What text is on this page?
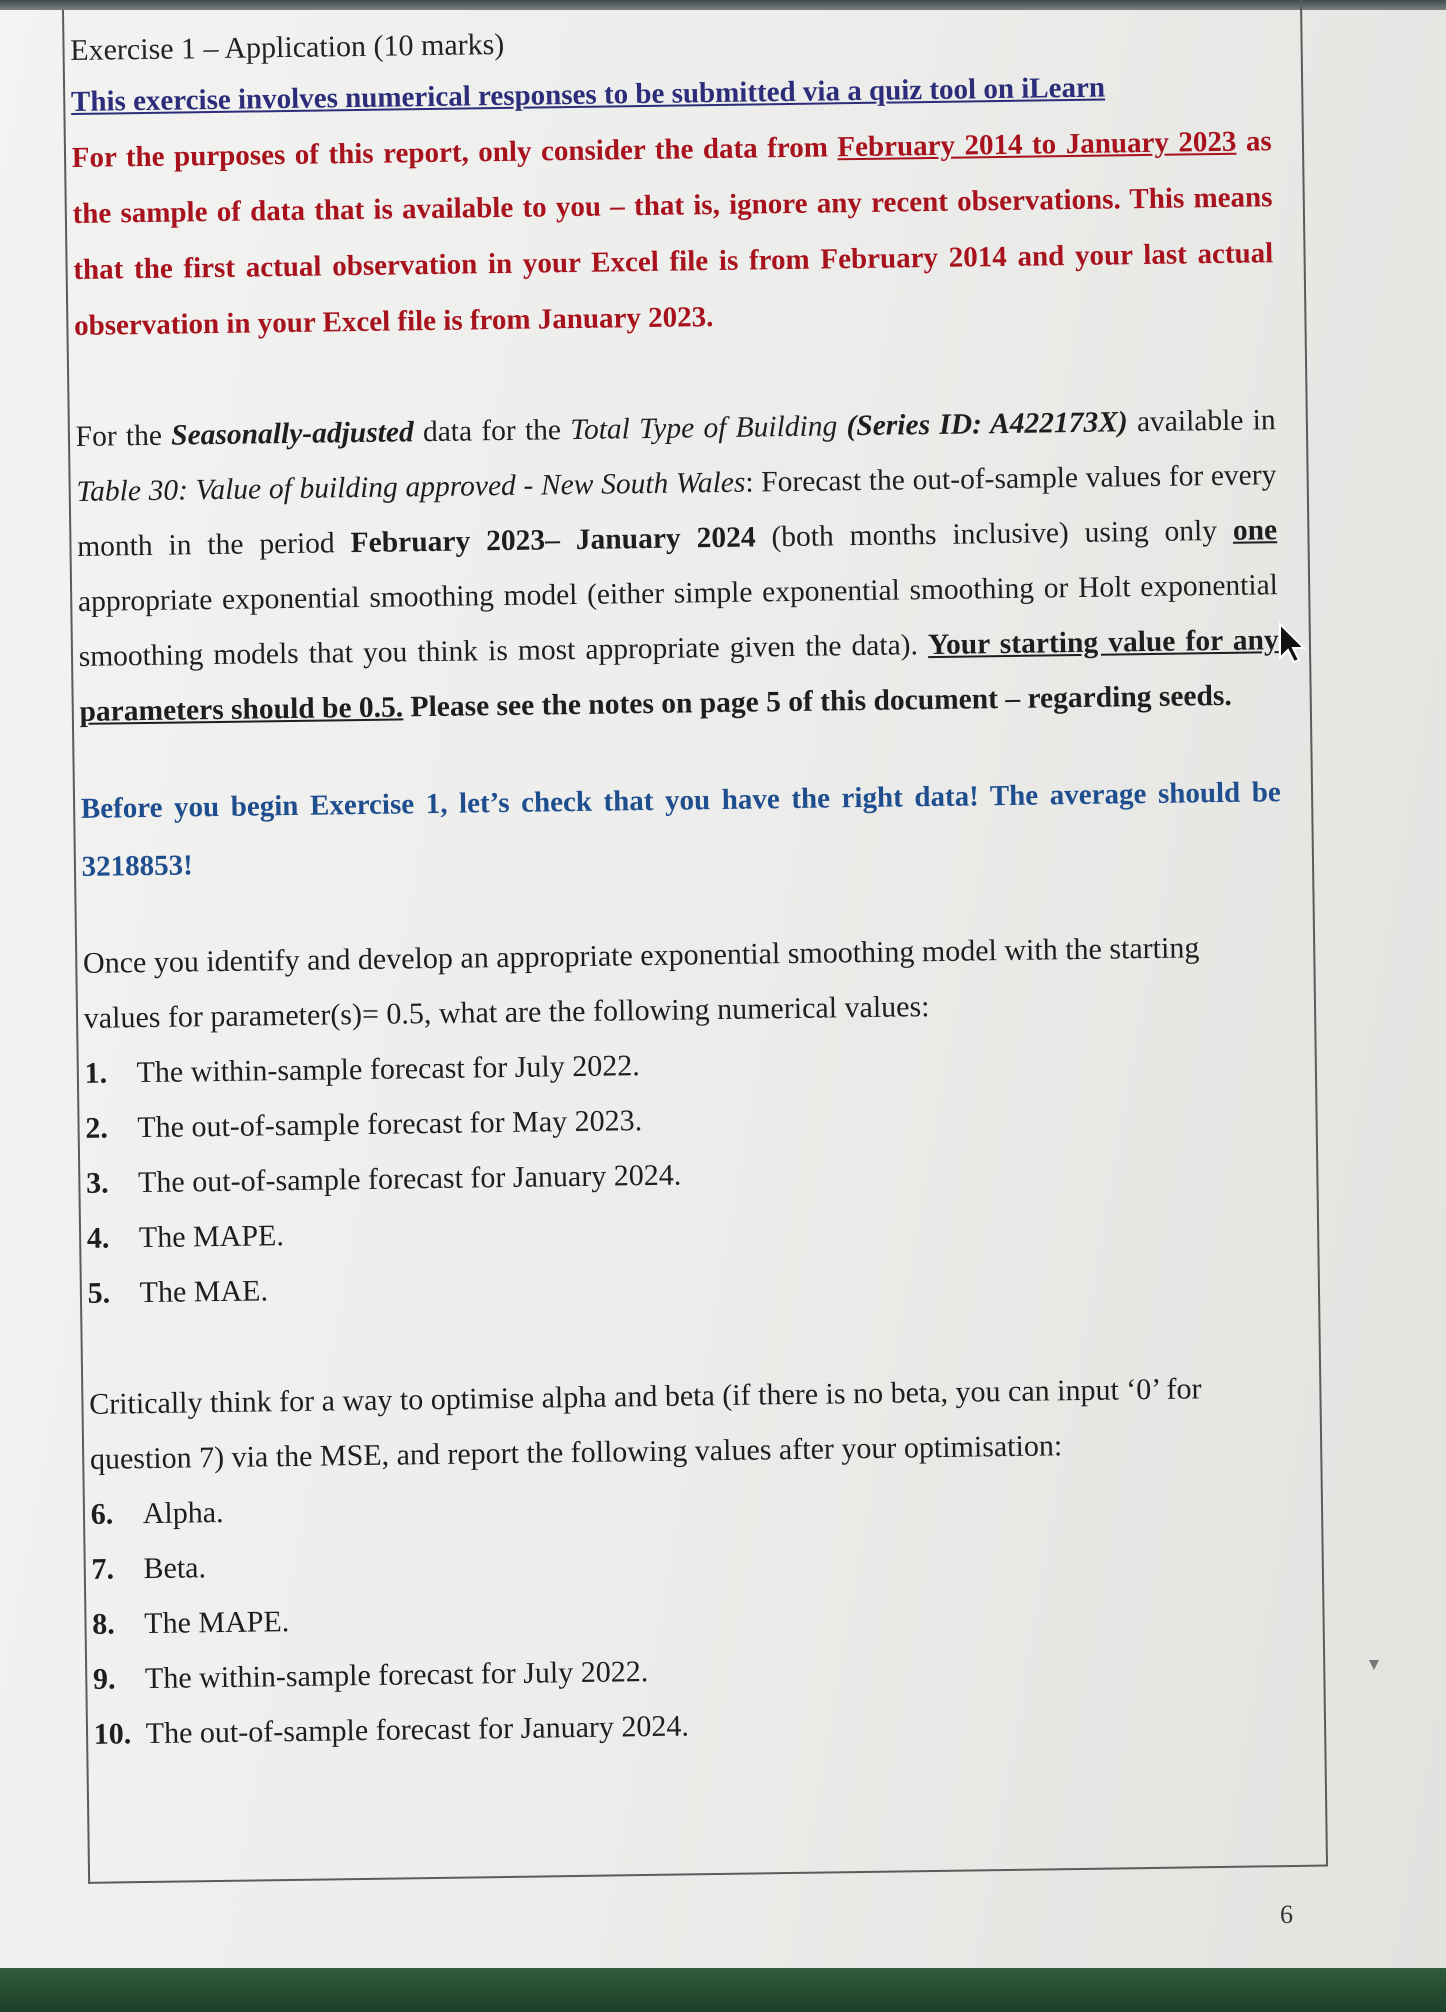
Exercise 1 – Application (10 marks)

This exercise involves numerical responses to be submitted via a quiz tool on iLearn

For the purposes of this report, only consider the data from February 2014 to January 2023 as the sample of data that is available to you – that is, ignore any recent observations. This means that the first actual observation in your Excel file is from February 2014 and your last actual observation in your Excel file is from January 2023.

For the Seasonally-adjusted data for the Total Type of Building (Series ID: A422173X) available in Table 30: Value of building approved - New South Wales: Forecast the out-of-sample values for every month in the period February 2023– January 2024 (both months inclusive) using only one appropriate exponential smoothing model (either simple exponential smoothing or Holt exponential smoothing models that you think is most appropriate given the data). Your starting value for any parameters should be 0.5. Please see the notes on page 5 of this document – regarding seeds.

Before you begin Exercise 1, let’s check that you have the right data! The average should be 3218853!

Once you identify and develop an appropriate exponential smoothing model with the starting values for parameter(s)= 0.5, what are the following numerical values:

1. The within-sample forecast for July 2022.
2. The out-of-sample forecast for May 2023.
3. The out-of-sample forecast for January 2024.
4. The MAPE.
5. The MAE.

Critically think for a way to optimise alpha and beta (if there is no beta, you can input ‘0’ for question 7) via the MSE, and report the following values after your optimisation:

6. Alpha.
7. Beta.
8. The MAPE.
9. The within-sample forecast for July 2022.
10. The out-of-sample forecast for January 2024.
6
